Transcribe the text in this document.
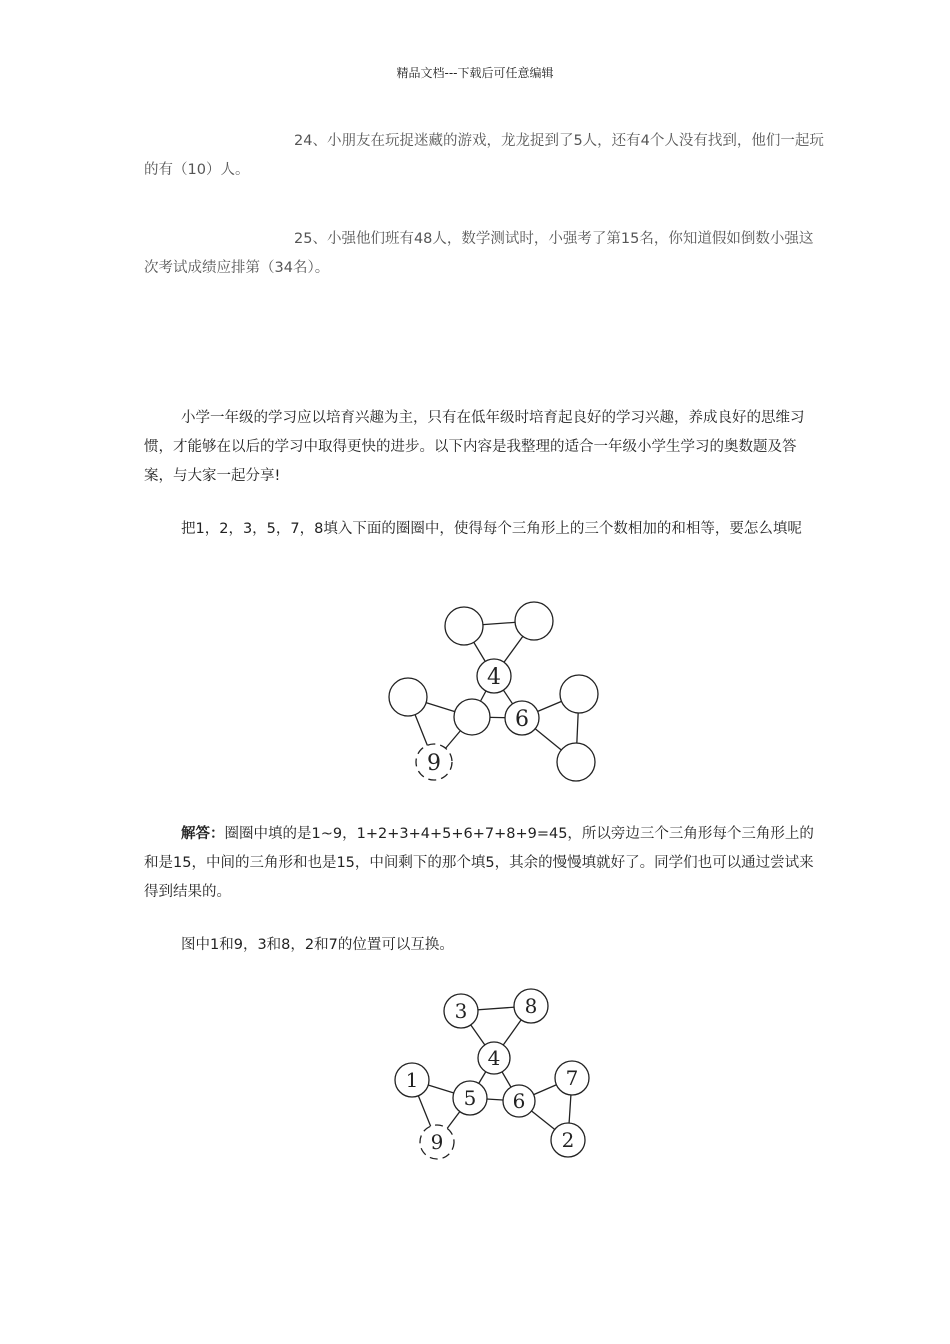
精品文档---下载后可任意编辑
24、小朋友在玩捉迷藏的游戏，龙龙捉到了5人，还有4个人没有找到，他们一起玩的有（10）人。
25、小强他们班有48人，数学测试时，小强考了第15名，你知道假如倒数小强这次考试成绩应排第（34名）。
小学一年级的学习应以培育兴趣为主，只有在低年级时培育起良好的学习兴趣，养成良好的思维习惯，才能够在以后的学习中取得更快的进步。以下内容是我整理的适合一年级小学生学习的奥数题及答案，与大家一起分享!
把1，2，3，5，7，8填入下面的圈圈中，使得每个三角形上的三个数相加的和相等，要怎么填呢
4
6
9
解答：圈圈中填的是1~9，1+2+3+4+5+6+7+8+9=45，所以旁边三个三角形每个三角形上的和是15，中间的三角形和也是15，中间剩下的那个填5，其余的慢慢填就好了。同学们也可以通过尝试来得到结果的。
图中1和9，3和8，2和7的位置可以互换。
3	8
4
5 6
1	7
9	2
